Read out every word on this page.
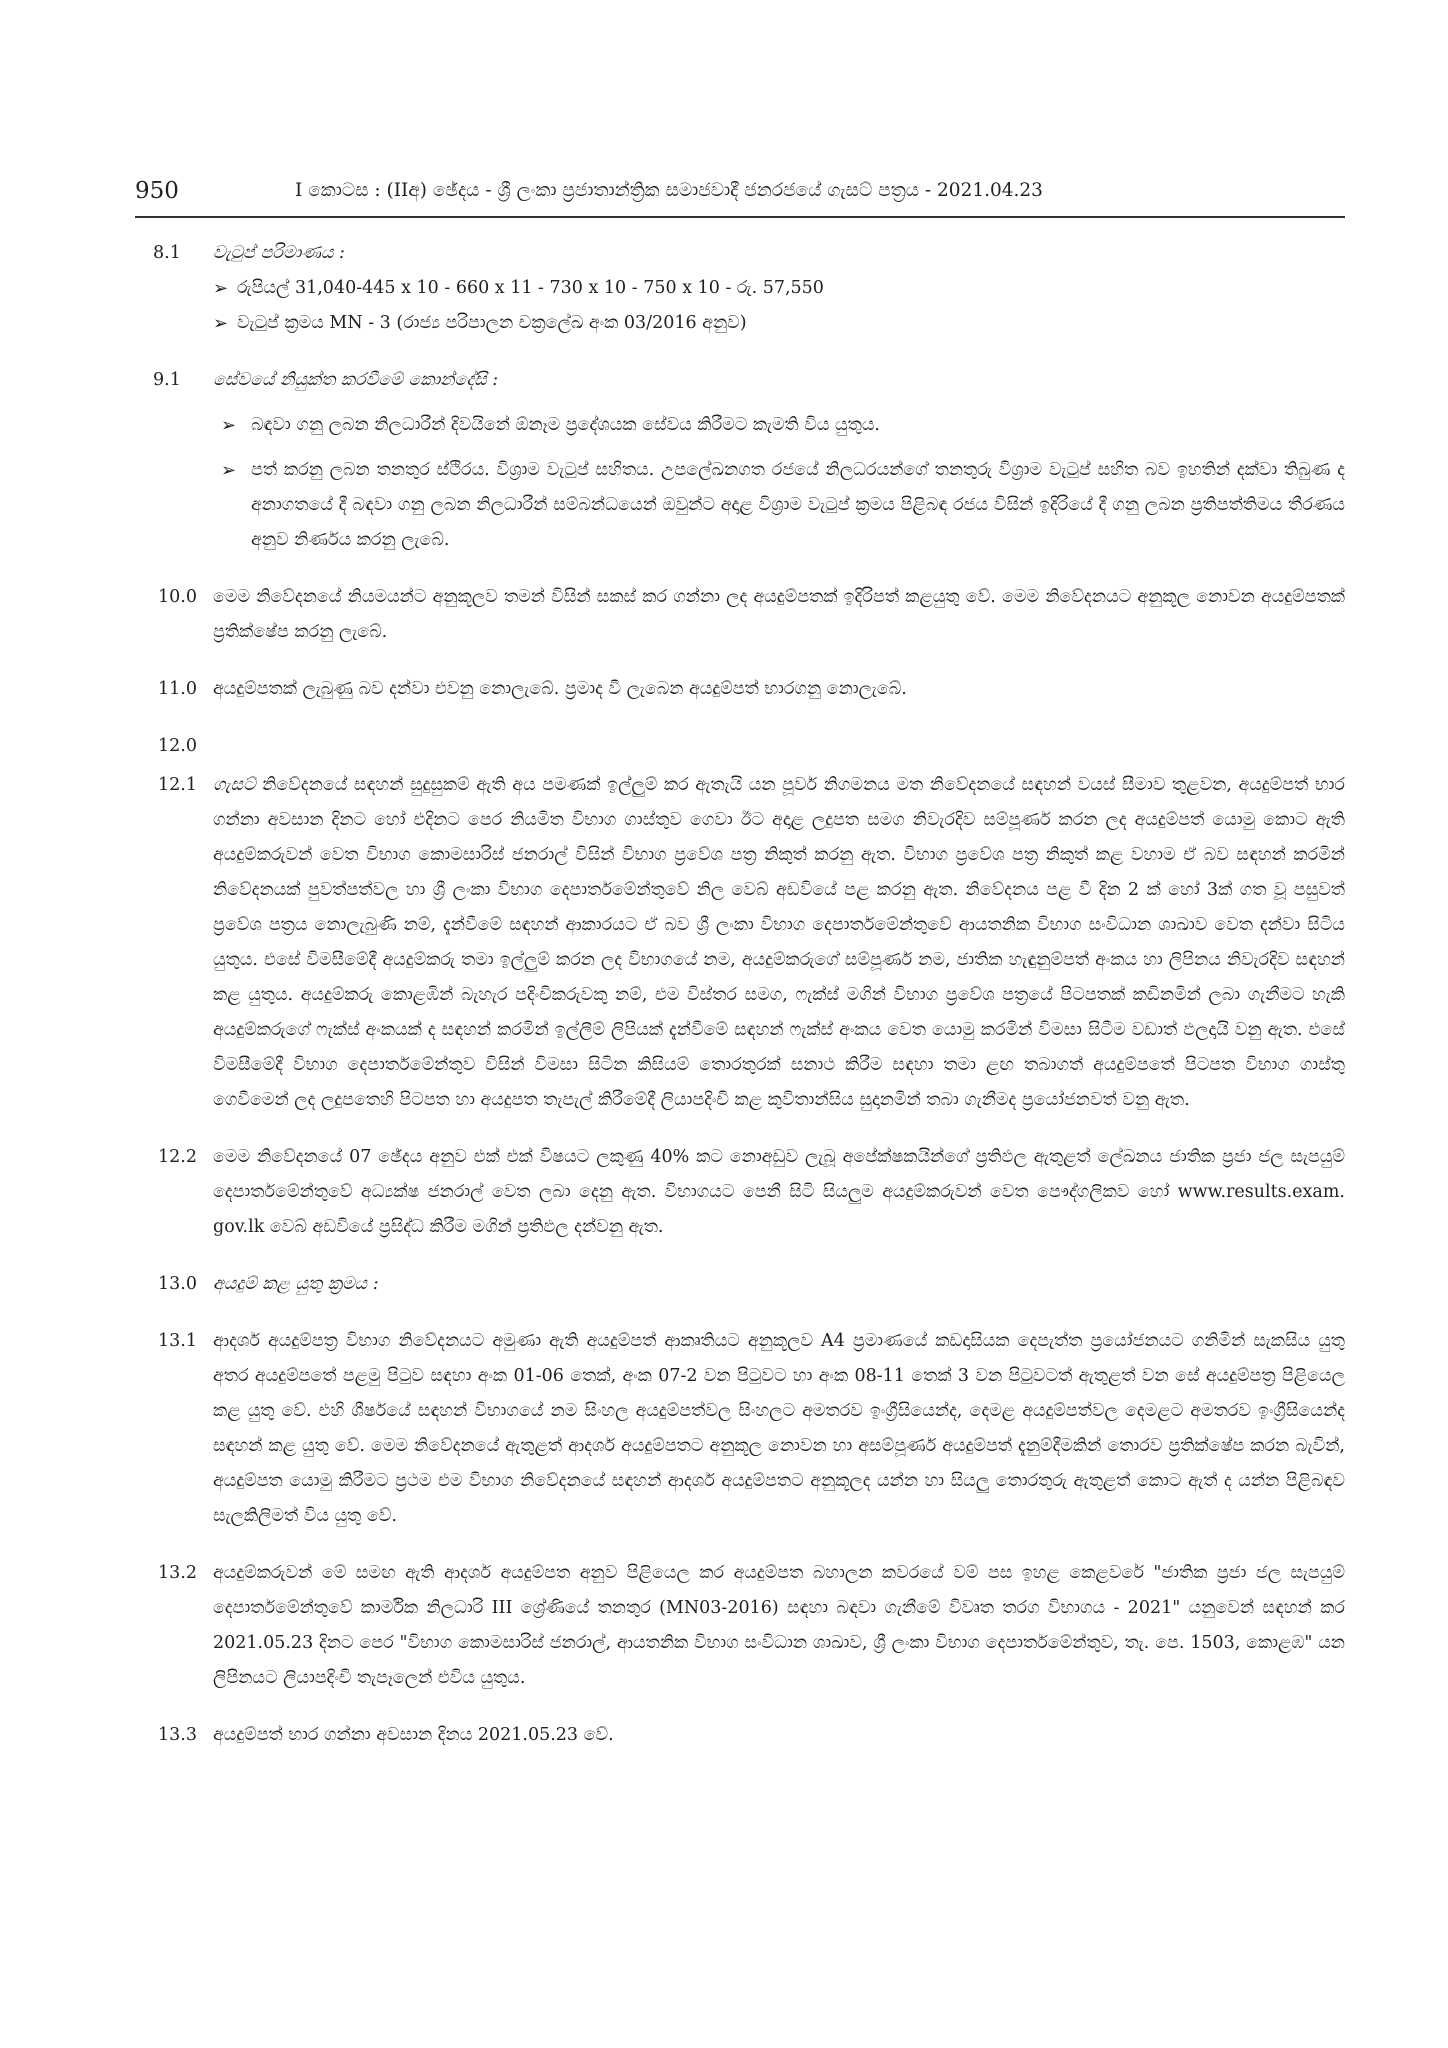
950	I කොටස : (IIඅ) ඡේදය - ශ්‍රී ලංකා ප්‍රජාතාන්ත්‍රික සමාජවාදී ජනරජයේ ගැසට් පත්‍රය - 2021.04.23
8.1	වැටුප් පරිමාණය :
➢ රුපියල් 31,040-445 x 10 - 660 x 11 - 730 x 10 - 750 x 10 - රු. 57,550
➢ වැටුප් ක්‍රමය MN - 3 (රාජ්‍ය පරිපාලන චක්‍රලේඛ අංක 03/2016 අනුව)
9.1	සේවයේ නියුක්ත කරවීමේ කොන්දේසි :
➢ බඳවා ගනු ලබන නිලධාරීන් දිවයිනේ ඕනෑම ප්‍රදේශයක සේවය කිරීමට කැමති විය යුතුය.
➢ පත් කරනු ලබන තනතුර ස්ථිරය. විශ්‍රාම වැටුප් සහිතය. උපලේඛනගත රජයේ නිලධරයන්ගේ තනතුරු විශ්‍රාම වැටුප් සහිත බව ඉහතින් දක්වා තිබුණ ද අනාගතයේ දී බඳවා ගනු ලබන නිලධාරීන් සම්බන්ධයෙන් ඔවුන්ට අදාළ විශ්‍රාම වැටුප් ක්‍රමය පිළිබඳ රජය විසින් ඉදිරියේ දී ගනු ලබන ප්‍රතිපත්තිමය තීරණය අනුව නිර්ණය කරනු ලැබේ.
10.0 මෙම නිවේදනයේ නියමයන්ට අනුකූලව තමන් විසින් සකස් කර ගන්නා ලද අයදුම්පතක් ඉදිරිපත් කළයුතු වේ. මෙම නිවේදනයට අනුකූල නොවන අයදුම්පතක් ප්‍රතික්ෂේප කරනු ලැබේ.
11.0 අයදුම්පතක් ලැබුණු බව දන්වා එවනු නොලැබේ. ප්‍රමාද වී ලැබෙන අයදුම්පත් භාරගනු නොලැබේ.
12.0

12.1 ගැසට් නිවේදනයේ සඳහන් සුදුසුකම් ඇති අය පමණක් ඉල්ලුම් කර ඇතැයි යන පූර්ව නිගමනය මත නිවේදනයේ සඳහන් වයස් සීමාව තුළවන, අයදුම්පත් භාර ගන්නා අවසාන දිනට හෝ එදිනට පෙර නියමිත විභාග ගාස්තුව ගෙවා ඊට අදාළ ලදුපත සමග නිවැරදිව සම්පූර්ණ කරන ලද අයදුම්පත් යොමු කොට ඇති අයදුම්කරුවන් වෙත විභාග කොමසාරිස් ජනරාල් විසින් විභාග ප්‍රවේශ පත්‍ර නිකුත් කරනු ඇත. විභාග ප්‍රවේශ පත්‍ර නිකුත් කළ වහාම ඒ බව සඳහන් කරමින් නිවේදනයක් පුවත්පත්වල හා ශ්‍රී ලංකා විභාග දෙපාර්තමේන්තුවේ නිල වෙබ් අඩවියේ පළ කරනු ඇත. නිවේදනය පළ වී දින 2 ක් හෝ 3ක් ගත වූ පසුවත් ප්‍රවේශ පත්‍රය නොලැබුණි නම්, දැන්වීමේ සඳහන් ආකාරයට ඒ බව ශ්‍රී ලංකා විභාග දෙපාර්තමේන්තුවේ ආයතනික විභාග සංවිධාන ශාඛාව වෙත දන්වා සිටිය යුතුය. එසේ විමසීමේදී අයදුම්කරු තමා ඉල්ලුම් කරන ලද විභාගයේ නම, අයදුම්කරුගේ සම්පූර්ණ නම, ජාතික හැඳුනුම්පත් අංකය හා ලිපිනය නිවැරදිව සඳහන් කළ යුතුය. අයදුම්කරු කොළඹින් බැහැර පදිංචිකරුවකු නම්, එම විස්තර සමග, ෆැක්ස් මගින් විභාග ප්‍රවේශ පත්‍රයේ පිටපතක් කඩිනමින් ලබා ගැනීමට හැකි අයදුම්කරුගේ ෆැක්ස් අංකයක් ද සඳහන් කරමින් ඉල්ලීම් ලිපියක් දැන්වීමේ සඳහන් ෆැක්ස් අංකය වෙත යොමු කරමින් විමසා සිටීම වඩාත් ඵලදායි වනු ඇත. එසේ විමසීමේදී විභාග දෙපාර්තමේන්තුව විසින් විමසා සිටින කිසියම් තොරතුරක් සනාථ කිරීම සඳහා තමා ළඟ තබාගත් අයදුම්පතේ පිටපත විභාග ගාස්තු ගෙවීමෙන් ලද ලදුපතෙහි පිටපත හා අයදුපත තැපැල් කිරීමේදී ලියාපදිංචි කළ කුවිතාන්සිය සුදානමින් තබා ගැනීමද ප්‍රයෝජනවත් වනු ඇත.
12.2 මෙම නිවේදනයේ 07 ඡේදය අනුව එක් එක් විෂයට ලකුණු 40% කට නොඅඩුව ලැබූ අපේක්ෂකයින්ගේ ප්‍රතිඵල ඇතුළත් ලේඛනය ජාතික ප්‍රජා ජල සැපයුම් දෙපාර්තමේන්තුවේ අධ්‍යක්ෂ ජනරාල් වෙත ලබා දෙනු ඇත. විභාගයට පෙනී සිටි සියලුම අයදුම්කරුවන් වෙත පෞද්ගලිකව හෝ www.results.exam. gov.lk වෙබ් අඩවියේ ප්‍රසිද්ධ කිරීම මගින් ප්‍රතිඵල දන්වනු ඇත.
13.0 අයදුම් කළ යුතු ක්‍රමය :
13.1 ආදර්ශ අයදුම්පත්‍ර විභාග නිවේදනයට අමුණා ඇති අයදුම්පත් ආකෘතියට අනුකූලව A4 ප්‍රමාණයේ කඩදාසියක දෙපැත්ත ප්‍රයෝජනයට ගනිමින් සැකසිය යුතු අතර අයදුම්පතේ පළමු පිටුව සඳහා අංක 01-06 තෙක්, අංක 07-2 වන පිටුවට හා අංක 08-11 තෙක් 3 වන පිටුවටත් ඇතුළත් වන සේ අයදුම්පත්‍ර පිළියෙල කළ යුතු වේ. එහි ශීර්ෂයේ සඳහන් විභාගයේ නම සිංහල අයදුම්පත්වල සිංහලට අමතරව ඉංග්‍රීසියෙන්ද, දෙමළ අයදුම්පත්වල දෙමළට අමතරව ඉංග්‍රීසියෙන්ද සඳහන් කළ යුතු වේ. මෙම නිවේදනයේ ඇතුළත් ආදර්ශ අයදුම්පතට අනුකූල නොවන හා අසම්පූර්ණ අයදුම්පත් දැනුම්දීමකින් තොරව ප්‍රතික්ෂේප කරන බැවින්, අයදුම්පත යොමු කිරීමට ප්‍රථම එම විභාග නිවේදනයේ සඳහන් ආදර්ශ අයදුම්පතට අනුකූලද යන්න හා සියලු තොරතුරු ඇතුළත් කොට ඇත් ද යන්න පිළිබඳව සැලකිලිමත් විය යුතු වේ.
13.2 අයදුම්කරුවන් මේ සමඟ ඇති ආදර්ශ අයදුම්පත අනුව පිළියෙල කර අයදුම්පත බහාලන කවරයේ වම් පස ඉහළ කෙළවරේ "ජාතික ප්‍රජා ජල සැපයුම් දෙපාර්තමේන්තුවේ කාර්මික නිලධාරි III ශ්‍රේණියේ තනතුර (MN03-2016) සඳහා බඳවා ගැනීමේ විවෘත තරග විභාගය - 2021" යනුවෙන් සඳහන් කර 2021.05.23 දිනට පෙර "විභාග කොමසාරිස් ජනරාල්, ආයතනික විභාග සංවිධාන ශාඛාව, ශ්‍රී ලංකා විභාග දෙපාර්තමේන්තුව, තැ. පෙ. 1503, කොළඹ" යන ලිපිනයට ලියාපදිංචි තැපෑලෙන් එවිය යුතුය.
13.3 අයදුම්පත් භාර ගන්නා අවසාන දිනය 2021.05.23 වේ.
